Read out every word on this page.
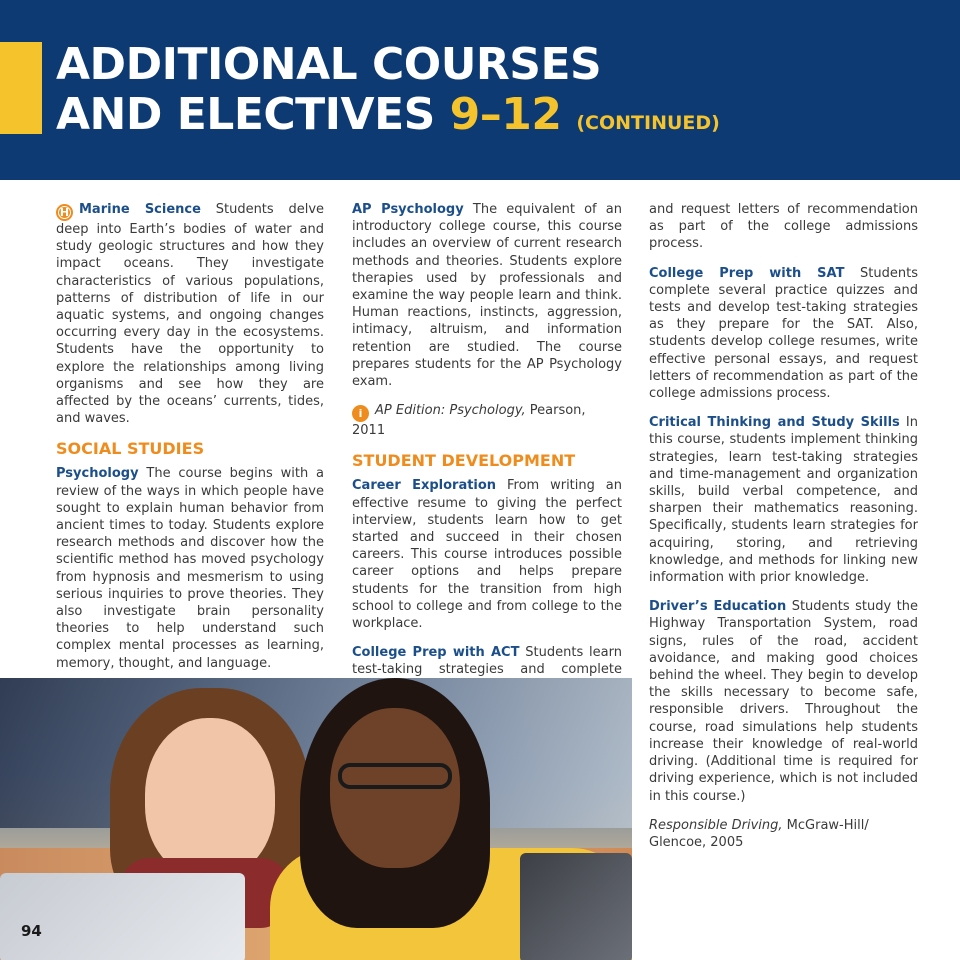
ADDITIONAL COURSES
AND ELECTIVES 9–12 (CONTINUED)

H Marine Science Students delve deep into Earth’s bodies of water and study geologic structures and how they impact oceans. They investigate characteristics of various populations, patterns of distribution of life in our aquatic systems, and ongoing changes occurring every day in the ecosystems. Students have the opportunity to explore the relationships among living organisms and see how they are affected by the oceans’ currents, tides, and waves.

SOCIAL STUDIES

Psychology The course begins with a review of the ways in which people have sought to explain human behavior from ancient times to today. Students explore research methods and discover how the scientific method has moved psychology from hypnosis and mesmerism to using serious inquiries to prove theories. They also investigate brain personality theories to help understand such complex mental processes as learning, memory, thought, and language.

AP Psychology The equivalent of an introductory college course, this course includes an overview of current research methods and theories. Students explore therapies used by professionals and examine the way people learn and think. Human reactions, instincts, aggression, intimacy, altruism, and information retention are studied. The course prepares students for the AP Psychology exam.

i AP Edition: Psychology, Pearson, 2011

STUDENT DEVELOPMENT

Career Exploration From writing an effective resume to giving the perfect interview, students learn how to get started and succeed in their chosen careers. This course introduces possible career options and helps prepare students for the transition from high school to college and from college to the workplace.

College Prep with ACT Students learn test-taking strategies and complete

and request letters of recommendation as part of the college admissions process.

College Prep with SAT Students complete several practice quizzes and tests and develop test-taking strategies as they prepare for the SAT. Also, students develop college resumes, write effective personal essays, and request letters of recommendation as part of the college admissions process.

Critical Thinking and Study Skills In this course, students implement thinking strategies, learn test-taking strategies and time-management and organization skills, build verbal competence, and sharpen their mathematics reasoning. Specifically, students learn strategies for acquiring, storing, and retrieving knowledge, and methods for linking new information with prior knowledge.

Driver’s Education Students study the Highway Transportation System, road signs, rules of the road, accident avoidance, and making good choices behind the wheel. They begin to develop the skills necessary to become safe, responsible drivers. Throughout the course, road simulations help students increase their knowledge of real-world driving. (Additional time is required for driving experience, which is not included in this course.)

Responsible Driving, McGraw-Hill/ Glencoe, 2005

94
